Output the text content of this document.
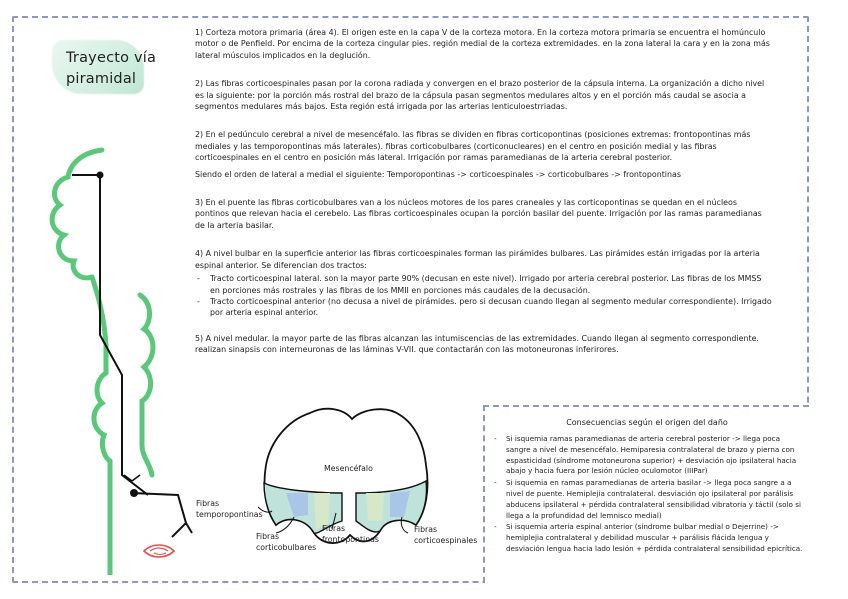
Trayecto vía
piramidal

1) Corteza motora primaria (área 4). El origen este en la capa V de la corteza motora. En la corteza motora primaria se encuentra el homúnculo motor o de Penfield. Por encima de la corteza cingular pies. región medial de la corteza extremidades. en la zona lateral la cara y en la zona más lateral músculos implicados en la deglución.

2) Las fibras corticoespinales pasan por la corona radiada y convergen en el brazo posterior de la cápsula interna. La organización a dicho nivel es la siguiente: por la porción más rostral del brazo de la cápsula pasan segmentos medulares altos y en el porción más caudal se asocia a segmentos medulares más bajos. Esta región está irrigada por las arterias lenticuloestrriadas.

2) En el pedúnculo cerebral a nivel de mesencéfalo. las fibras se dividen en fibras corticopontinas (posiciones extremas: frontopontinas más mediales y las temporopontinas más laterales). fibras corticobulbares (corticonucleares) en el centro en posición medial y las fibras corticoespinales en el centro en posición más lateral. Irrigación por ramas paramedianas de la arteria cerebral posterior.

Siendo el orden de lateral a medial el siguiente: Temporopontinas -> corticoespinales -> corticobulbares -> frontopontinas

3) En el puente las fibras corticobulbares van a los núcleos motores de los pares craneales y las corticopontinas se quedan en el núcleos pontinos que relevan hacia el cerebelo. Las fibras corticoespinales ocupan la porción basilar del puente. Irrigación por las ramas paramedianas de la arteria basilar.

4) A nivel bulbar en la superficie anterior las fibras corticoespinales forman las pirámides bulbares. Las pirámides están irrigadas por la arteria espinal anterior. Se diferencian dos tractos:

- Tracto corticoespinal lateral. son la mayor parte 90% (decusan en este nivel). Irrigado por arteria cerebral posterior. Las fibras de los MMSS en porciones más rostrales y las fibras de los MMII en porciones más caudales de la decusación.
- Tracto corticoespinal anterior (no decusa a nivel de pirámides. pero si decusan cuando llegan al segmento medular correspondiente). Irrigado por arteria espinal anterior.

5) A nivel medular. la mayor parte de las fibras alcanzan las intumiscencias de las extremidades. Cuando llegan al segmento correspondiente. realizan sinapsis con interneuronas de las láminas V-VII. que contactarán con las motoneuronas inferirores.

Mesencéfalo
Fibras
temporopontinas
Fibras
corticobulbares
Fibras
frontopontinas
Fibras
corticoespinales
Consecuencias según el origen del daño
- Si isquemia ramas paramedianas de arteria cerebral posterior -> llega poca sangre a nivel de mesencéfalo. Hemiparesia contralateral de brazo y pierna con espasticidad (síndrome motoneurona superior) + desviación ojo ipsilateral hacia abajo y hacia fuera por lesión núcleo oculomotor (IIIPar)
- Si isquemia en ramas paramedianas de arteria basilar -> llega poca sangre a a nivel de puente. Hemiplejia contralateral. desviación ojo ipsilateral por parálisis abducens ipsilateral + pérdida contralateral sensibilidad vibratoria y táctil (solo si llega a la profundidad del lemnisco medial)
- Si isquemia arteria espinal anterior (síndrome bulbar medial o Dejerrine) -> hemiplejia contralateral y debilidad muscular + parálisis flácida lengua y desviación lengua hacia lado lesión + pérdida contralateral sensibilidad epicrítica.
